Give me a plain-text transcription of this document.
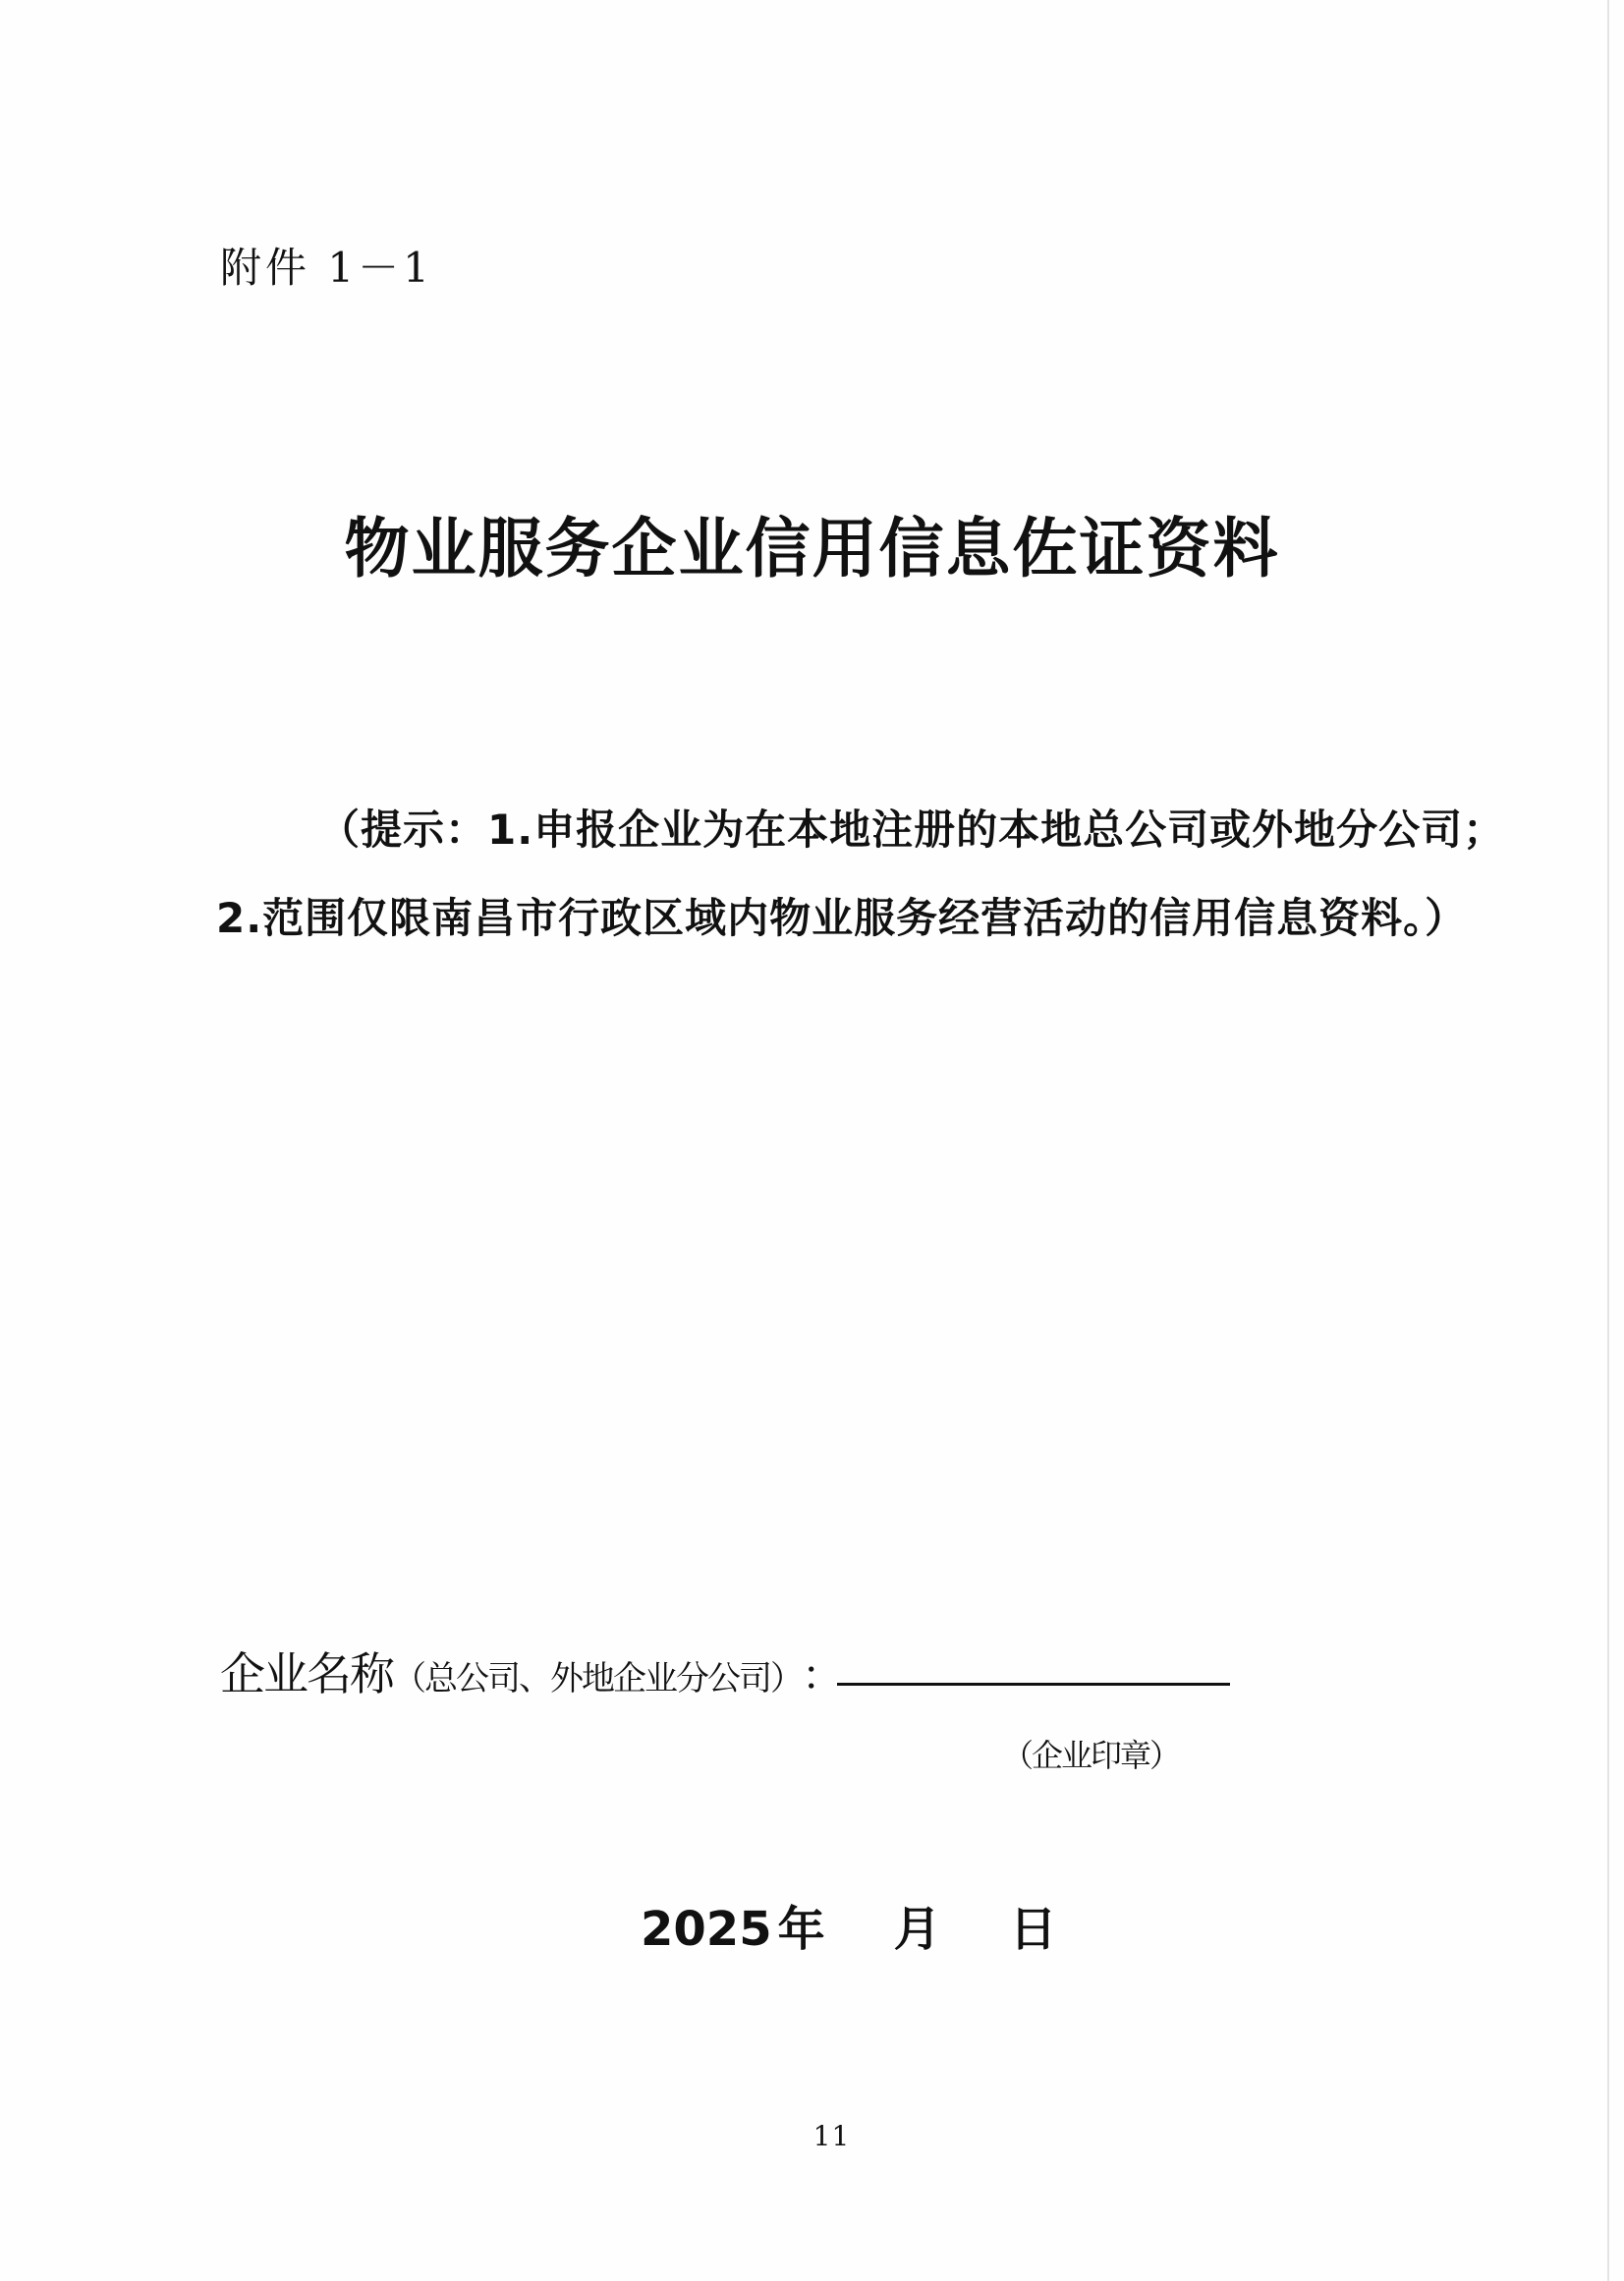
附件 1－1
物业服务企业信用信息佐证资料
（提示：1.申报企业为在本地注册的本地总公司或外地分公司；
2.范围仅限南昌市行政区域内物业服务经营活动的信用信息资料。）
企业名称 （总公司、外地企业分公司） ：
（企业印章）
2025 年 月 日
11
